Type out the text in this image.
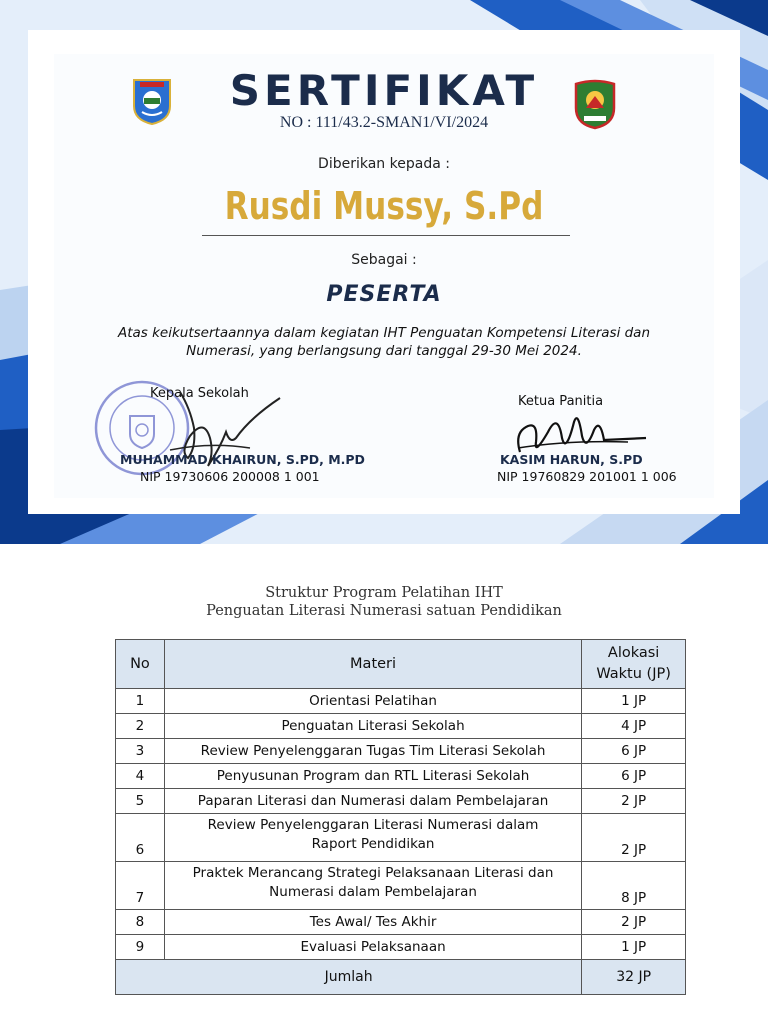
SERTIFIKAT
NO : 111/43.2-SMAN1/VI/2024
Diberikan kepada :
Rusdi Mussy, S.Pd
Sebagai :
PESERTA
Atas keikutsertaannya dalam kegiatan IHT Penguatan Kompetensi Literasi dan Numerasi, yang berlangsung dari tanggal 29-30 Mei 2024.
Kepala Sekolah
Ketua Panitia
MUHAMMAD KHAIRUN, S.PD, M.PD
NIP 19730606 200008 1 001
KASIM HARUN, S.PD
NIP 19760829 201001 1 006
Struktur Program Pelatihan IHT
Penguatan Literasi Numerasi satuan Pendidikan
No	Materi	Alokasi
Waktu (JP)

1	Orientasi Pelatihan	1 JP
2	Penguatan Literasi Sekolah	4 JP
3	Review Penyelenggaran Tugas Tim Literasi Sekolah	6 JP
4	Penyusunan Program dan RTL Literasi Sekolah	6 JP
5	Paparan Literasi dan Numerasi dalam Pembelajaran	2 JP
6	Review Penyelenggaran Literasi Numerasi dalam
Raport Pendidikan	2 JP
7	Praktek Merancang Strategi Pelaksanaan Literasi dan
Numerasi dalam Pembelajaran	8 JP
8	Tes Awal/ Tes Akhir	2 JP
9	Evaluasi Pelaksanaan	1 JP
Jumlah		32 JP
